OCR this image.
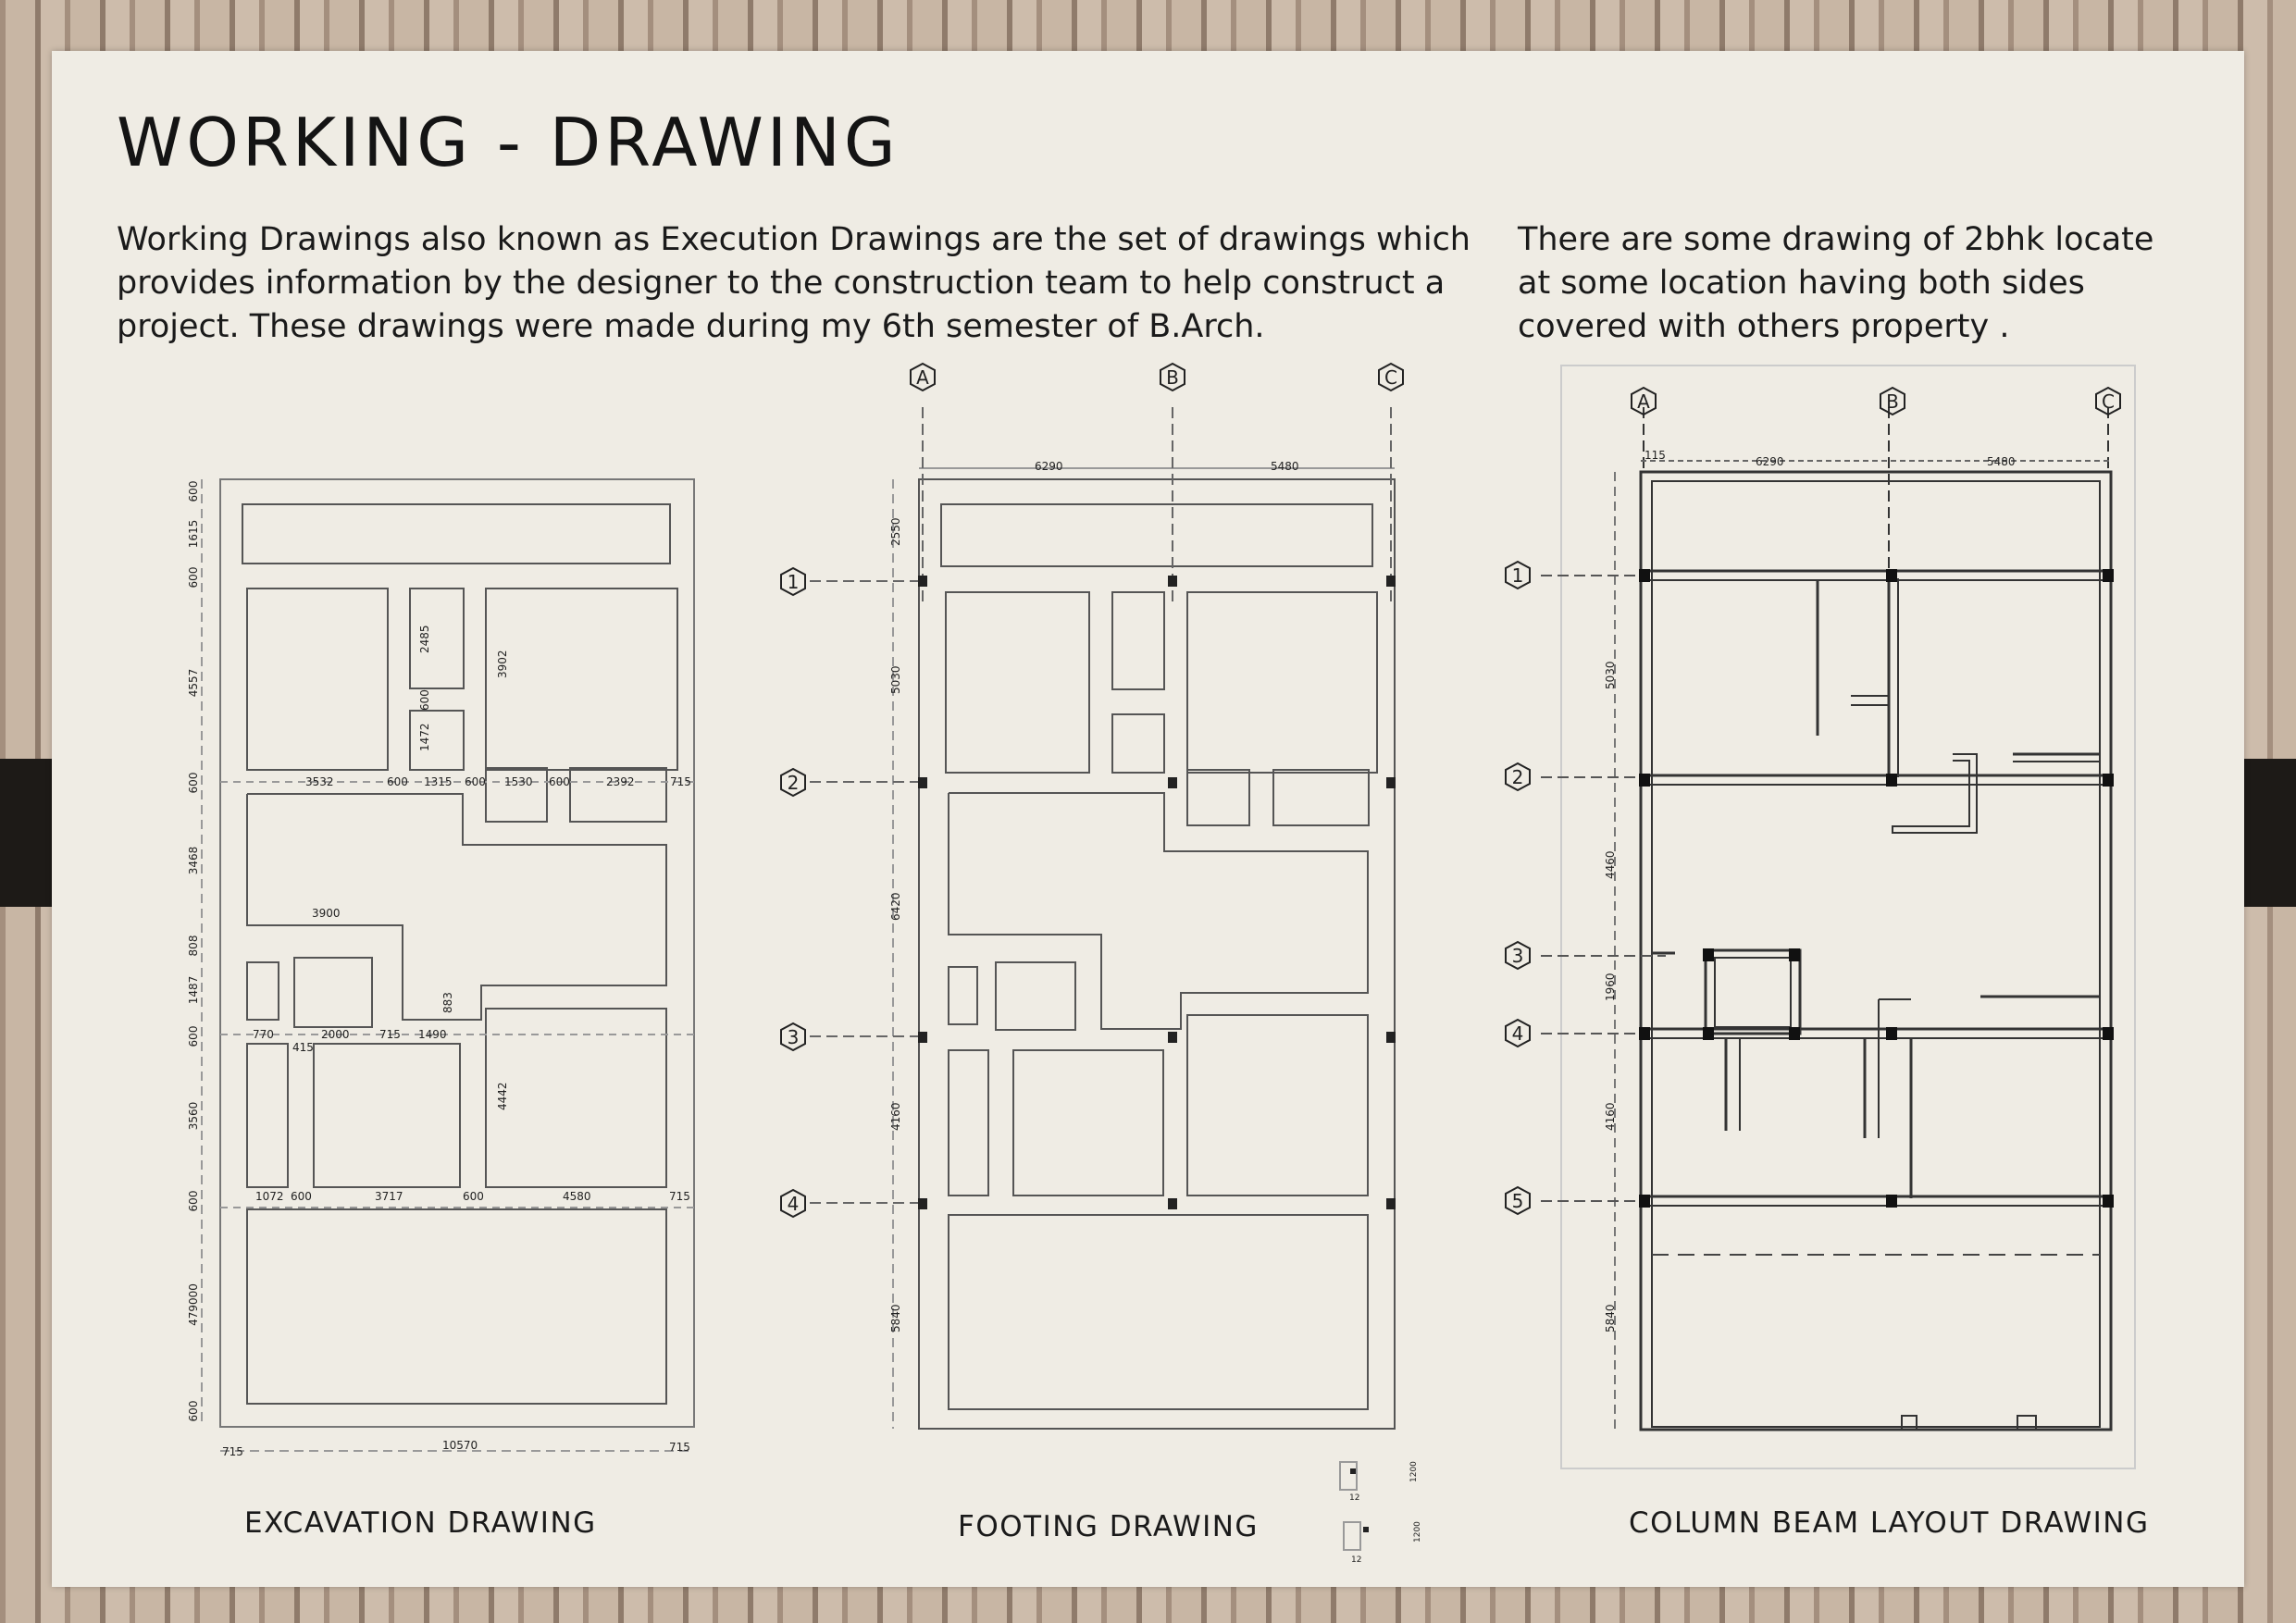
WORKING - DRAWING

Working Drawings also known as Execution Drawings are the set of drawings which provides information by the designer to the construction team to help construct a project. These drawings were made during my 6th semester of B.Arch.

There are some drawing of 2bhk locate at some location having both sides covered with others property .

A	B	C
1
2
3
4
A	B	C
1
2
3
4
5
600
1615
600
4557
600
3468
808
1487
600
3560
600
479000
600
3532	600 1315 600 1530 600	2392	715
770
415
2000	715 1490
1072 600	3717	600	4580	715
2485
600
1472
3902
3900
883
4442
715	10570	715
6290	5480
2550
5030
6420
4160
5840
1200
12
1200
12
115	6290	5480
5030
4460
1960
4160
5840
EXCAVATION DRAWING	FOOTING DRAWING	COLUMN BEAM LAYOUT DRAWING
